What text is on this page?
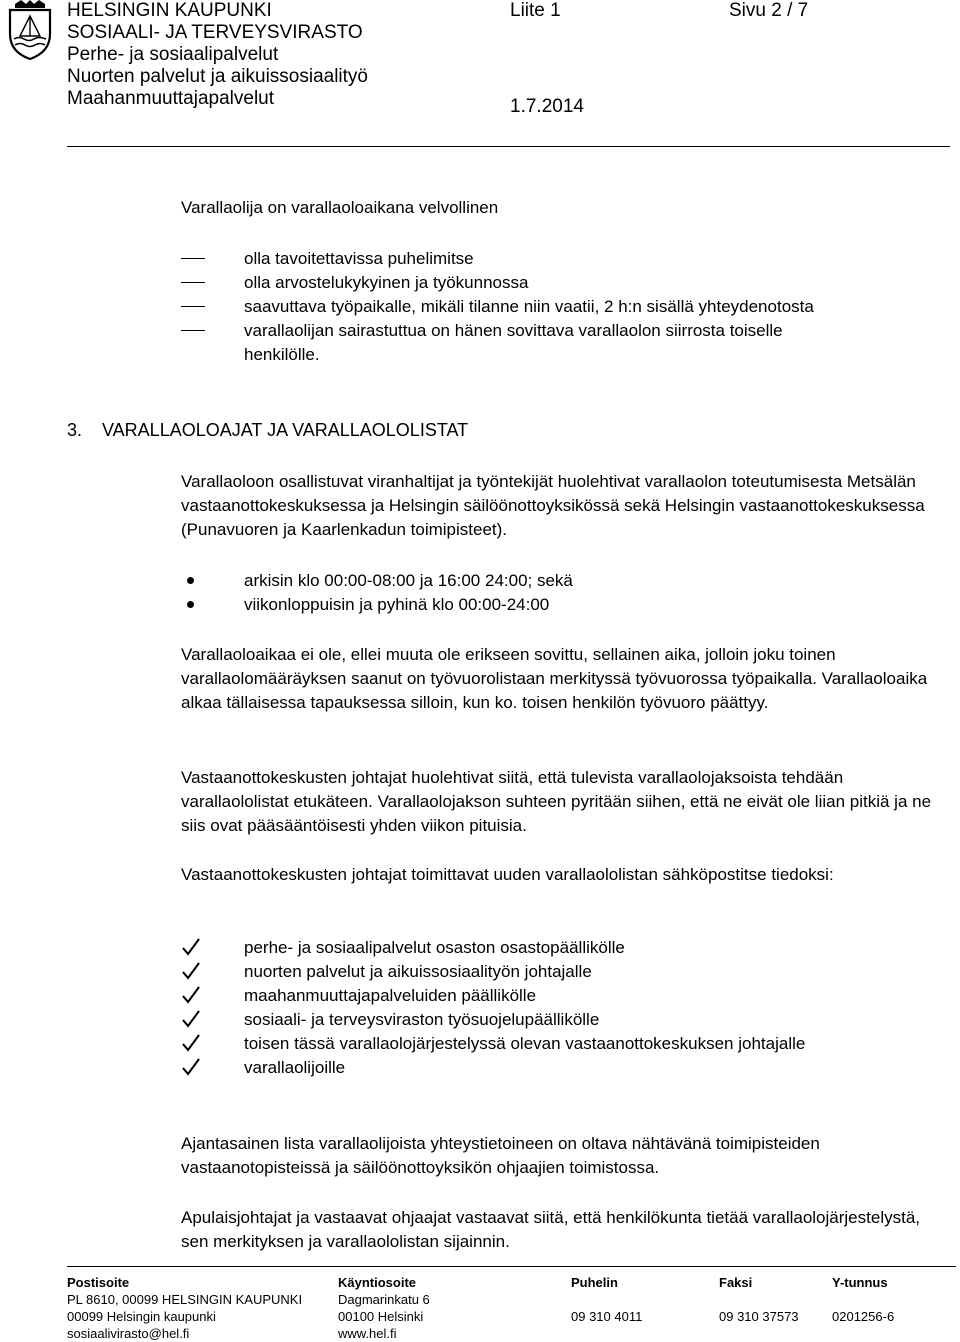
HELSINGIN KAUPUNKI
SOSIAALI- JA TERVEYSVIRASTO
Perhe- ja sosiaalipalvelut
Nuorten palvelut ja aikuissosiaalityö
Maahanmuuttajapalvelut
Liite 1	Sivu 2 / 7
1.7.2014
Varallaolija on varallaoloaikana velvollinen
olla tavoitettavissa puhelimitse
olla arvostelukykyinen ja työkunnossa
saavuttava työpaikalle, mikäli tilanne niin vaatii, 2 h:n sisällä yhteydenotosta
varallaolijan sairastuttua on hänen sovittava varallaolon siirrosta toiselle henkilölle.
3. VARALLAOLOAJAT JA VARALLAOLOLISTAT
Varallaoloon osallistuvat viranhaltijat ja työntekijät huolehtivat varallaolon toteutumisesta Metsälän vastaanottokeskuksessa ja Helsingin säilöönottoyksikössä sekä Helsingin vastaanottokeskuksessa (Punavuoren ja Kaarlenkadun toimipisteet).
arkisin klo 00:00-08:00 ja 16:00 24:00; sekä
viikonloppuisin ja pyhinä klo 00:00-24:00
Varallaoloaikaa ei ole, ellei muuta ole erikseen sovittu, sellainen aika, jolloin joku toinen varallaolomääräyksen saanut on työvuorolistaan merkityssä työvuorossa työpaikalla. Varallaoloaika alkaa tällaisessa tapauksessa silloin, kun ko. toisen henkilön työvuoro päättyy.
Vastaanottokeskusten johtajat huolehtivat siitä, että tulevista varallaolojaksoista tehdään varallaololistat etukäteen. Varallaolojakson suhteen pyritään siihen, että ne eivät ole liian pitkiä ja ne siis ovat pääsääntöisesti yhden viikon pituisia.
Vastaanottokeskusten johtajat toimittavat uuden varallaololistan sähköpostitse tiedoksi:
perhe- ja sosiaalipalvelut osaston osastopäällikölle
nuorten palvelut ja aikuissosiaalityön johtajalle
maahanmuuttajapalveluiden päällikölle
sosiaali- ja terveysviraston työsuojelupäällikölle
toisen tässä varallaolojärjestelyssä olevan vastaanottokeskuksen johtajalle
varallaolijoille
Ajantasainen lista varallaolijoista yhteystietoineen on oltava nähtävänä toimipisteiden vastaanotopisteissä ja säilöönottoyksikön ohjaajien toimistossa.
Apulaisjohtajat ja vastaavat ohjaajat vastaavat siitä, että henkilökunta tietää varallaolojärjestelystä, sen merkityksen ja varallaololistan sijainnin.
Postisoite
PL 8610, 00099 HELSINGIN KAUPUNKI
00099 Helsingin kaupunki
sosiaalivirasto@hel.fi
Käyntiosoite
Dagmarinkatu 6
00100 Helsinki
www.hel.fi
Puhelin

09 310 4011
Faksi

09 310 37573
Y-tunnus

0201256-6
